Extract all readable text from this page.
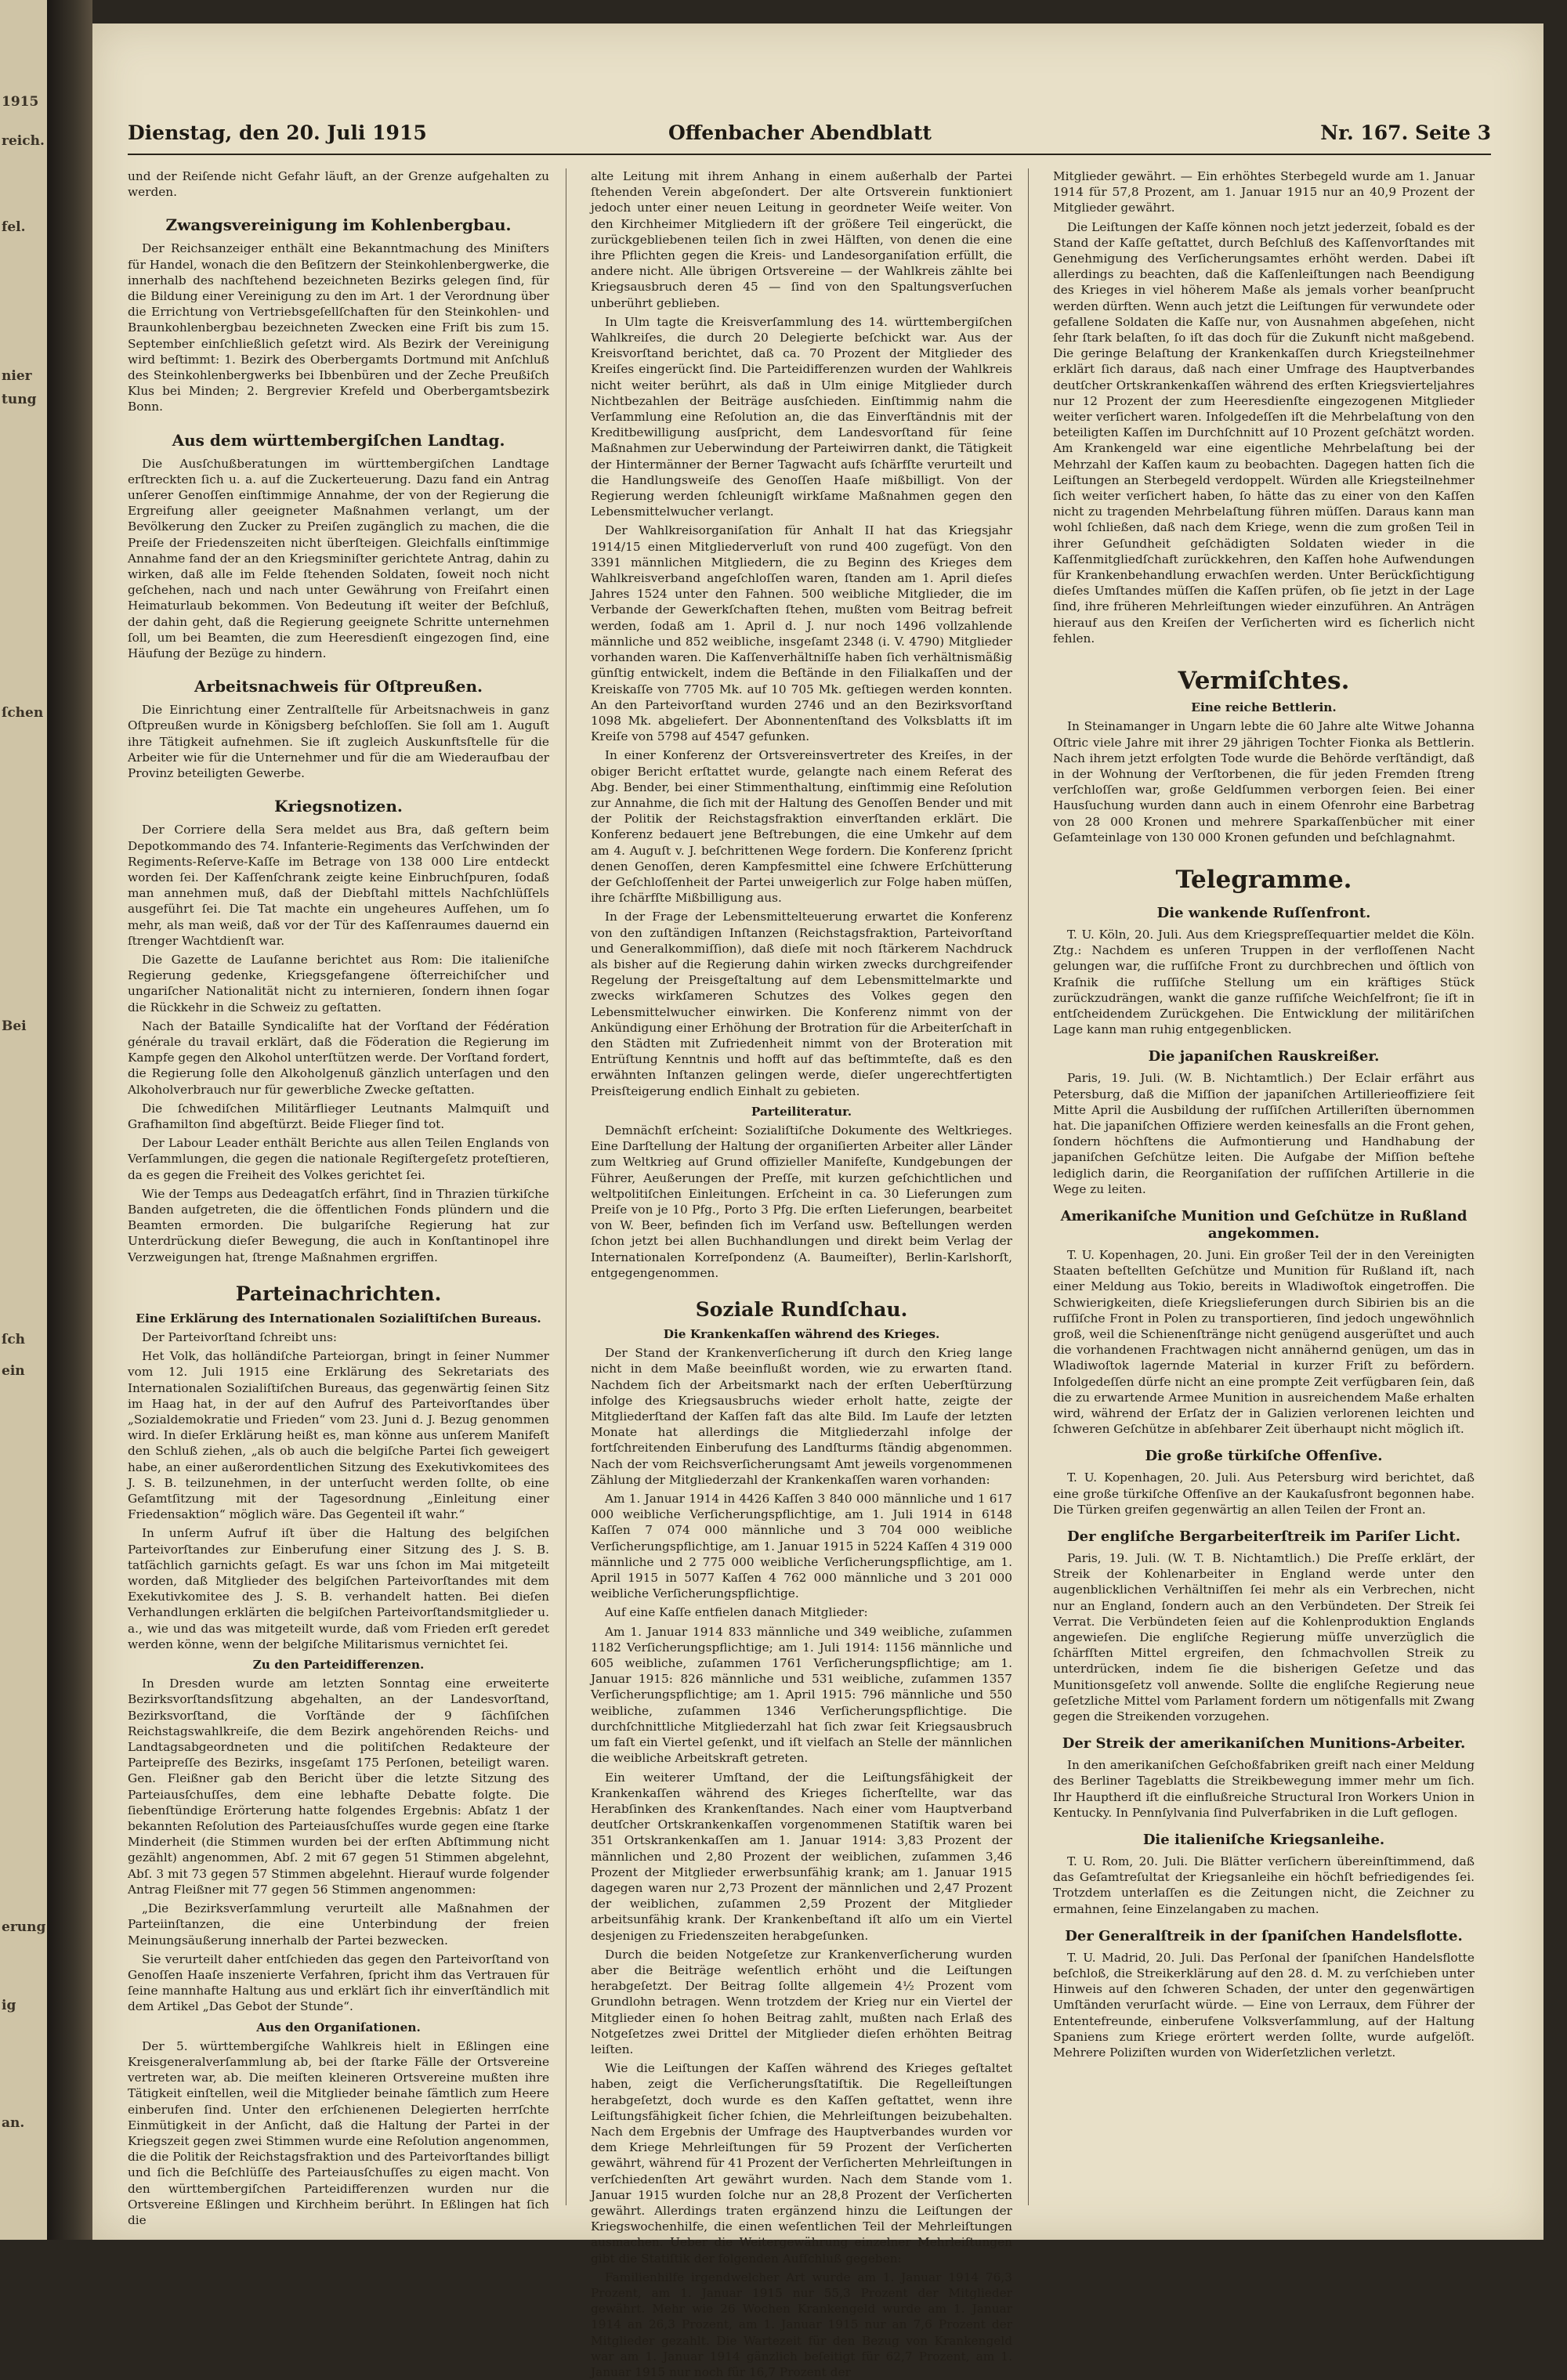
1915
reich.
fel.
nier
tung
ſchen
Bei
ſch
ein
erung
ig
an.
Dienstag, den 20. Juli 1915	Offenbacher Abendblatt	Nr. 167. Seite 3

und der Reiſende nicht Gefahr läuft, an der Grenze aufgehalten zu werden.

Zwangsvereinigung im Kohlenbergbau.

Der Reichsanzeiger enthält eine Bekanntmachung des Miniſters für Handel, wonach die den Beſitzern der Steinkohlenbergwerke, die innerhalb des nachſtehend bezeichneten Bezirks gelegen ſind, für die Bildung einer Vereinigung zu den im Art. 1 der Verordnung über die Errichtung von Vertriebsgeſellſchaften für den Steinkohlen- und Braunkohlenbergbau bezeichneten Zwecken eine Friſt bis zum 15. September einſchließlich geſetzt wird. Als Bezirk der Vereinigung wird beſtimmt: 1. Bezirk des Oberbergamts Dortmund mit Anſchluß des Steinkohlenbergwerks bei Ibbenbüren und der Zeche Preußiſch Klus bei Minden; 2. Bergrevier Krefeld und Oberbergamtsbezirk Bonn.

Aus dem württembergiſchen Landtag.

Die Ausſchußberatungen im württembergiſchen Landtage erſtreckten ſich u. a. auf die Zuckerteuerung. Dazu fand ein Antrag unſerer Genoſſen einſtimmige Annahme, der von der Regierung die Ergreifung aller geeigneter Maßnahmen verlangt, um der Bevölkerung den Zucker zu Preiſen zugänglich zu machen, die die Preiſe der Friedenszeiten nicht überſteigen. Gleichfalls einſtimmige Annahme fand der an den Kriegsminiſter gerichtete Antrag, dahin zu wirken, daß alle im Felde ſtehenden Soldaten, ſoweit noch nicht geſchehen, nach und nach unter Gewährung von Freiſahrt einen Heimaturlaub bekommen. Von Bedeutung iſt weiter der Beſchluß, der dahin geht, daß die Regierung geeignete Schritte unternehmen ſoll, um bei Beamten, die zum Heeresdienſt eingezogen ſind, eine Häufung der Bezüge zu hindern.

Arbeitsnachweis für Oſtpreußen.

Die Einrichtung einer Zentralſtelle für Arbeitsnachweis in ganz Oſtpreußen wurde in Königsberg beſchloſſen. Sie ſoll am 1. Auguſt ihre Tätigkeit aufnehmen. Sie iſt zugleich Auskunftsſtelle für die Arbeiter wie für die Unternehmer und für die am Wiederaufbau der Provinz beteiligten Gewerbe.

Kriegsnotizen.

Der Corriere della Sera meldet aus Bra, daß geſtern beim Depotkommando des 74. Infanterie-Regiments das Verſchwinden der Regiments-Reſerve-Kaſſe im Betrage von 138 000 Lire entdeckt worden ſei. Der Kaſſenſchrank zeigte keine Einbruchſpuren, ſodaß man annehmen muß, daß der Diebſtahl mittels Nachſchlüſſels ausgeführt ſei. Die Tat machte ein ungeheures Aufſehen, um ſo mehr, als man weiß, daß vor der Tür des Kaſſenraumes dauernd ein ſtrenger Wachtdienſt war.

Die Gazette de Lauſanne berichtet aus Rom: Die italieniſche Regierung gedenke, Kriegsgefangene öſterreichiſcher und ungariſcher Nationalität nicht zu internieren, ſondern ihnen ſogar die Rückkehr in die Schweiz zu geſtatten.

Nach der Bataille Syndicaliſte hat der Vorſtand der Fédération générale du travail erklärt, daß die Föderation die Regierung im Kampfe gegen den Alkohol unterſtützen werde. Der Vorſtand fordert, die Regierung ſolle den Alkoholgenuß gänzlich unterſagen und den Alkoholverbrauch nur für gewerbliche Zwecke geſtatten.

Die ſchwediſchen Militärflieger Leutnants Malmquiſt und Grafhamilton ſind abgeſtürzt. Beide Flieger ſind tot.

Der Labour Leader enthält Berichte aus allen Teilen Englands von Verſammlungen, die gegen die nationale Regiſtergeſetz proteſtieren, da es gegen die Freiheit des Volkes gerichtet ſei.

Wie der Temps aus Dedeagatſch erfährt, ſind in Thrazien türkiſche Banden aufgetreten, die die öffentlichen Fonds plündern und die Beamten ermorden. Die bulgariſche Regierung hat zur Unterdrückung dieſer Bewegung, die auch in Konſtantinopel ihre Verzweigungen hat, ſtrenge Maßnahmen ergriffen.

Parteinachrichten.
Eine Erklärung des Internationalen Sozialiſtiſchen Bureaus.

Der Parteivorſtand ſchreibt uns:

Het Volk, das holländiſche Parteiorgan, bringt in ſeiner Nummer vom 12. Juli 1915 eine Erklärung des Sekretariats des Internationalen Sozialiſtiſchen Bureaus, das gegenwärtig ſeinen Sitz im Haag hat, in der auf den Aufruf des Parteivorſtandes über „Sozialdemokratie und Frieden“ vom 23. Juni d. J. Bezug genommen wird. In dieſer Erklärung heißt es, man könne aus unſerem Manifeſt den Schluß ziehen, „als ob auch die belgiſche Partei ſich geweigert habe, an einer außerordentlichen Sitzung des Exekutivkomitees des J. S. B. teilzunehmen, in der unterſucht werden ſollte, ob eine Geſamtſitzung mit der Tagesordnung „Einleitung einer Friedensaktion“ möglich wäre. Das Gegenteil iſt wahr.“

In unſerm Aufruf iſt über die Haltung des belgiſchen Parteivorſtandes zur Einberufung einer Sitzung des J. S. B. tatſächlich garnichts geſagt. Es war uns ſchon im Mai mitgeteilt worden, daß Mitglieder des belgiſchen Parteivorſtandes mit dem Exekutivkomitee des J. S. B. verhandelt hatten. Bei dieſen Verhandlungen erklärten die belgiſchen Parteivorſtandsmitglieder u. a., wie und das was mitgeteilt wurde, daß vom Frieden erſt geredet werden könne, wenn der belgiſche Militarismus vernichtet ſei.

Zu den Parteidifferenzen.

In Dresden wurde am letzten Sonntag eine erweiterte Bezirksvorſtandsſitzung abgehalten, an der Landesvorſtand, Bezirksvorſtand, die Vorſtände der 9 ſächſiſchen Reichstagswahlkreiſe, die dem Bezirk angehörenden Reichs- und Landtagsabgeordneten und die politiſchen Redakteure der Parteipreſſe des Bezirks, insgeſamt 175 Perſonen, beteiligt waren. Gen. Fleißner gab den Bericht über die letzte Sitzung des Parteiausſchuſſes, dem eine lebhafte Debatte folgte. Die ſiebenſtündige Erörterung hatte folgendes Ergebnis: Abſatz 1 der bekannten Reſolution des Parteiausſchuſſes wurde gegen eine ſtarke Minderheit (die Stimmen wurden bei der erſten Abſtimmung nicht gezählt) angenommen, Abſ. 2 mit 67 gegen 51 Stimmen abgelehnt, Abſ. 3 mit 73 gegen 57 Stimmen abgelehnt. Hierauf wurde folgender Antrag Fleißner mit 77 gegen 56 Stimmen angenommen:

„Die Bezirksverſammlung verurteilt alle Maßnahmen der Parteiinſtanzen, die eine Unterbindung der freien Meinungsäußerung innerhalb der Partei bezwecken.

Sie verurteilt daher entſchieden das gegen den Parteivorſtand von Genoſſen Haaſe inszenierte Verfahren, ſpricht ihm das Vertrauen für ſeine mannhafte Haltung aus und erklärt ſich ihr einverſtändlich mit dem Artikel „Das Gebot der Stunde“.

Aus den Organiſationen.

Der 5. württembergiſche Wahlkreis hielt in Eßlingen eine Kreisgeneralverſammlung ab, bei der ſtarke Fälle der Ortsvereine vertreten war, ab. Die meiſten kleineren Ortsvereine mußten ihre Tätigkeit einſtellen, weil die Mitglieder beinahe ſämtlich zum Heere einberufen ſind. Unter den erſchienenen Delegierten herrſchte Einmütigkeit in der Anſicht, daß die Haltung der Partei in der Kriegszeit gegen zwei Stimmen wurde eine Reſolution angenommen, die die Politik der Reichstagsfraktion und des Parteivorſtandes billigt und ſich die Beſchlüſſe des Parteiausſchuſſes zu eigen macht. Von den württembergiſchen Parteidifferenzen wurden nur die Ortsvereine Eßlingen und Kirchheim berührt. In Eßlingen hat ſich die

alte Leitung mit ihrem Anhang in einem außerhalb der Partei ſtehenden Verein abgeſondert. Der alte Ortsverein funktioniert jedoch unter einer neuen Leitung in geordneter Weiſe weiter. Von den Kirchheimer Mitgliedern iſt der größere Teil eingerückt, die zurückgebliebenen teilen ſich in zwei Hälften, von denen die eine ihre Pflichten gegen die Kreis- und Landesorganiſation erfüllt, die andere nicht. Alle übrigen Ortsvereine — der Wahlkreis zählte bei Kriegsausbruch deren 45 — ſind von den Spaltungsverſuchen unberührt geblieben.

In Ulm tagte die Kreisverſammlung des 14. württembergiſchen Wahlkreiſes, die durch 20 Delegierte beſchickt war. Aus der Kreisvorſtand berichtet, daß ca. 70 Prozent der Mitglieder des Kreiſes eingerückt ſind. Die Parteidifferenzen wurden der Wahlkreis nicht weiter berührt, als daß in Ulm einige Mitglieder durch Nichtbezahlen der Beiträge ausſchieden. Einſtimmig nahm die Verſammlung eine Reſolution an, die das Einverſtändnis mit der Kreditbewilligung ausſpricht, dem Landesvorſtand für ſeine Maßnahmen zur Ueberwindung der Parteiwirren dankt, die Tätigkeit der Hintermänner der Berner Tagwacht aufs ſchärfſte verurteilt und die Handlungsweiſe des Genoſſen Haaſe mißbilligt. Von der Regierung werden ſchleunigſt wirkſame Maßnahmen gegen den Lebensmittelwucher verlangt.

Der Wahlkreisorganiſation für Anhalt II hat das Kriegsjahr 1914/15 einen Mitgliederverluſt von rund 400 zugefügt. Von den 3391 männlichen Mitgliedern, die zu Beginn des Krieges dem Wahlkreisverband angeſchloſſen waren, ſtanden am 1. April dieſes Jahres 1524 unter den Fahnen. 500 weibliche Mitglieder, die im Verbande der Gewerkſchaften ſtehen, mußten vom Beitrag befreit werden, ſodaß am 1. April d. J. nur noch 1496 vollzahlende männliche und 852 weibliche, insgeſamt 2348 (i. V. 4790) Mitglieder vorhanden waren. Die Kaſſenverhältniſſe haben ſich verhältnismäßig günſtig entwickelt, indem die Beſtände in den Filialkaſſen und der Kreiskaſſe von 7705 Mk. auf 10 705 Mk. geſtiegen werden konnten. An den Parteivorſtand wurden 2746 und an den Bezirksvorſtand 1098 Mk. abgeliefert. Der Abonnentenſtand des Volksblatts iſt im Kreiſe von 5798 auf 4547 gefunken.

In einer Konferenz der Ortsvereinsvertreter des Kreiſes, in der obiger Bericht erſtattet wurde, gelangte nach einem Referat des Abg. Bender, bei einer Stimmenthaltung, einſtimmig eine Reſolution zur Annahme, die ſich mit der Haltung des Genoſſen Bender und mit der Politik der Reichstagsfraktion einverſtanden erklärt. Die Konferenz bedauert jene Beſtrebungen, die eine Umkehr auf dem am 4. Auguſt v. J. beſchrittenen Wege fordern. Die Konferenz ſpricht denen Genoſſen, deren Kampfesmittel eine ſchwere Erſchütterung der Geſchloſſenheit der Partei unweigerlich zur Folge haben müſſen, ihre ſchärfſte Mißbilligung aus.

In der Frage der Lebensmittelteuerung erwartet die Konferenz von den zuſtändigen Inſtanzen (Reichstagsfraktion, Parteivorſtand und Generalkommiſſion), daß dieſe mit noch ſtärkerem Nachdruck als bisher auf die Regierung dahin wirken zwecks durchgreifender Regelung der Preisgeſtaltung auf dem Lebensmittelmarkte und zwecks wirkſameren Schutzes des Volkes gegen den Lebensmittelwucher einwirken. Die Konferenz nimmt von der Ankündigung einer Erhöhung der Brotration für die Arbeiterſchaft in den Städten mit Zufriedenheit nimmt von der Broteration mit Entrüſtung Kenntnis und hofft auf das beſtimmteſte, daß es den erwähnten Inſtanzen gelingen werde, dieſer ungerechtfertigten Preisſteigerung endlich Einhalt zu gebieten.

Parteiliteratur.

Demnächſt erſcheint: Sozialiſtiſche Dokumente des Weltkrieges. Eine Darſtellung der Haltung der organiſierten Arbeiter aller Länder zum Weltkrieg auf Grund offizieller Manifeſte, Kundgebungen der Führer, Aeußerungen der Preſſe, mit kurzen geſchichtlichen und weltpolitiſchen Einleitungen. Erſcheint in ca. 30 Lieferungen zum Preiſe von je 10 Pfg., Porto 3 Pfg. Die erſten Lieferungen, bearbeitet von W. Beer, befinden ſich im Verſand usw. Beſtellungen werden ſchon jetzt bei allen Buchhandlungen und direkt beim Verlag der Internationalen Korreſpondenz (A. Baumeiſter), Berlin-Karlshorſt, entgegengenommen.

Soziale Rundſchau.
Die Krankenkaſſen während des Krieges.

Der Stand der Krankenverſicherung iſt durch den Krieg lange nicht in dem Maße beeinflußt worden, wie zu erwarten ſtand. Nachdem ſich der Arbeitsmarkt nach der erſten Ueberſtürzung infolge des Kriegsausbruchs wieder erholt hatte, zeigte der Mitgliederſtand der Kaſſen faſt das alte Bild. Im Laufe der letzten Monate hat allerdings die Mitgliederzahl infolge der fortſchreitenden Einberufung des Landſturms ſtändig abgenommen. Nach der vom Reichsverſicherungsamt Amt jeweils vorgenommenen Zählung der Mitgliederzahl der Krankenkaſſen waren vorhanden:

Am 1. Januar 1914 in 4426 Kaſſen 3 840 000 männliche und 1 617 000 weibliche Verſicherungspflichtige, am 1. Juli 1914 in 6148 Kaſſen 7 074 000 männliche und 3 704 000 weibliche Verſicherungspflichtige, am 1. Januar 1915 in 5224 Kaſſen 4 319 000 männliche und 2 775 000 weibliche Verſicherungspflichtige, am 1. April 1915 in 5077 Kaſſen 4 762 000 männliche und 3 201 000 weibliche Verſicherungspflichtige.

Auf eine Kaſſe entfielen danach Mitglieder:

Am 1. Januar 1914 833 männliche und 349 weibliche, zuſammen 1182 Verſicherungspflichtige; am 1. Juli 1914: 1156 männliche und 605 weibliche, zuſammen 1761 Verſicherungspflichtige; am 1. Januar 1915: 826 männliche und 531 weibliche, zuſammen 1357 Verſicherungspflichtige; am 1. April 1915: 796 männliche und 550 weibliche, zuſammen 1346 Verſicherungspflichtige. Die durchſchnittliche Mitgliederzahl hat ſich zwar ſeit Kriegsausbruch um faſt ein Viertel geſenkt, und iſt vielfach an Stelle der männlichen die weibliche Arbeitskraft getreten.

Ein weiterer Umſtand, der die Leiſtungsfähigkeit der Krankenkaſſen während des Krieges ſicherſtellte, war das Herabſinken des Krankenſtandes. Nach einer vom Hauptverband deutſcher Ortskrankenkaſſen vorgenommenen Statiſtik waren bei 351 Ortskrankenkaſſen am 1. Januar 1914: 3,83 Prozent der männlichen und 2,80 Prozent der weiblichen, zuſammen 3,46 Prozent der Mitglieder erwerbsunfähig krank; am 1. Januar 1915 dagegen waren nur 2,73 Prozent der männlichen und 2,47 Prozent der weiblichen, zuſammen 2,59 Prozent der Mitglieder arbeitsunfähig krank. Der Krankenbeſtand iſt alſo um ein Viertel desjenigen zu Friedenszeiten herabgeſunken.

Durch die beiden Notgeſetze zur Krankenverſicherung wurden aber die Beiträge weſentlich erhöht und die Leiſtungen herabgeſetzt. Der Beitrag ſollte allgemein 4½ Prozent vom Grundlohn betragen. Wenn trotzdem der Krieg nur ein Viertel der Mitglieder einen ſo hohen Beitrag zahlt, mußten nach Erlaß des Notgeſetzes zwei Drittel der Mitglieder dieſen erhöhten Beitrag leiſten.

Wie die Leiſtungen der Kaſſen während des Krieges geſtaltet haben, zeigt die Verſicherungsſtatiſtik. Die Regelleiſtungen herabgeſetzt, doch wurde es den Kaſſen geſtattet, wenn ihre Leiſtungsfähigkeit ſicher ſchien, die Mehrleiſtungen beizubehalten. Nach dem Ergebnis der Umfrage des Hauptverbandes wurden vor dem Kriege Mehrleiſtungen für 59 Prozent der Verſicherten gewährt, während für 41 Prozent der Verſicherten Mehrleiſtungen in verſchiedenſten Art gewährt wurden. Nach dem Stande vom 1. Januar 1915 wurden ſolche nur an 28,8 Prozent der Verſicherten gewährt. Allerdings traten ergänzend hinzu die Leiſtungen der Kriegswochenhilfe, die einen weſentlichen Teil der Mehrleiſtungen ausmachen. Ueber die Weitergewährung einzelner Mehrleiſtungen gibt die Statiſtik der folgenden Aufſchluß gegeben:

Familienhilfe irgendwelcher Art wurde am 1. Januar 1914 76,3 Prozent, am 1. Januar 1915 nur 55,3 Prozent der Mitglieder gewährt. Mehr wie 26 Wochen Krankengeld wurde am 1. Januar 1914 an 26,3 Prozent, am 1. Januar 1915 nur an 7,6 Prozent der Mitglieder gezahlt. Die Wartezeit für den Bezug von Krankengeld war am 1. Januar 1914 gänzlich beſeitigt für 62,7 Prozent, am 1. Januar 1915 nur noch für 16,7 Prozent der

Mitglieder gewährt. — Ein erhöhtes Sterbegeld wurde am 1. Januar 1914 für 57,8 Prozent, am 1. Januar 1915 nur an 40,9 Prozent der Mitglieder gewährt.

Die Leiſtungen der Kaſſe können noch jetzt jederzeit, ſobald es der Stand der Kaſſe geſtattet, durch Beſchluß des Kaſſenvorſtandes mit Genehmigung des Verſicherungsamtes erhöht werden. Dabei iſt allerdings zu beachten, daß die Kaſſenleiſtungen nach Beendigung des Krieges in viel höherem Maße als jemals vorher beanſprucht werden dürften. Wenn auch jetzt die Leiſtungen für verwundete oder gefallene Soldaten die Kaſſe nur, von Ausnahmen abgeſehen, nicht ſehr ſtark belaſten, ſo iſt das doch für die Zukunft nicht maßgebend. Die geringe Belaſtung der Krankenkaſſen durch Kriegsteilnehmer erklärt ſich daraus, daß nach einer Umfrage des Hauptverbandes deutſcher Ortskrankenkaſſen während des erſten Kriegsvierteljahres nur 12 Prozent der zum Heeresdienſte eingezogenen Mitglieder weiter verſichert waren. Infolgedeſſen iſt die Mehrbelaſtung von den beteiligten Kaſſen im Durchſchnitt auf 10 Prozent geſchätzt worden. Am Krankengeld war eine eigentliche Mehrbelaſtung bei der Mehrzahl der Kaſſen kaum zu beobachten. Dagegen hatten ſich die Leiſtungen an Sterbegeld verdoppelt. Würden alle Kriegsteilnehmer ſich weiter verſichert haben, ſo hätte das zu einer von den Kaſſen nicht zu tragenden Mehrbelaſtung führen müſſen. Daraus kann man wohl ſchließen, daß nach dem Kriege, wenn die zum großen Teil in ihrer Geſundheit geſchädigten Soldaten wieder in die Kaſſenmitgliedſchaft zurückkehren, den Kaſſen hohe Aufwendungen für Krankenbehandlung erwachſen werden. Unter Berückſichtigung dieſes Umſtandes müſſen die Kaſſen prüfen, ob ſie jetzt in der Lage ſind, ihre früheren Mehrleiſtungen wieder einzuführen. An Anträgen hierauf aus den Kreiſen der Verſicherten wird es ſicherlich nicht fehlen.

Vermiſchtes.
Eine reiche Bettlerin.

In Steinamanger in Ungarn lebte die 60 Jahre alte Witwe Johanna Oſtric viele Jahre mit ihrer 29 jährigen Tochter Fionka als Bettlerin. Nach ihrem jetzt erfolgten Tode wurde die Behörde verſtändigt, daß in der Wohnung der Verſtorbenen, die für jeden Fremden ſtreng verſchloſſen war, große Geldſummen verborgen ſeien. Bei einer Hausſuchung wurden dann auch in einem Ofenrohr eine Barbetrag von 28 000 Kronen und mehrere Sparkaſſenbücher mit einer Geſamteinlage von 130 000 Kronen gefunden und beſchlagnahmt.

Telegramme.
Die wankende Ruſſenfront.

T. U. Köln, 20. Juli. Aus dem Kriegspreſſequartier meldet die Köln. Ztg.: Nachdem es unſeren Truppen in der verfloſſenen Nacht gelungen war, die ruſſiſche Front zu durchbrechen und öſtlich von Kraſnik die ruſſiſche Stellung um ein kräftiges Stück zurückzudrängen, wankt die ganze ruſſiſche Weichſelfront; ſie iſt in entſcheidendem Zurückgehen. Die Entwicklung der militäriſchen Lage kann man ruhig entgegenblicken.

Die japaniſchen Rauskreißer.

Paris, 19. Juli. (W. B. Nichtamtlich.) Der Eclair erfährt aus Petersburg, daß die Miſſion der japaniſchen Artillerieoffiziere ſeit Mitte April die Ausbildung der ruſſiſchen Artilleriſten übernommen hat. Die japaniſchen Offiziere werden keinesfalls an die Front gehen, ſondern höchſtens die Aufmontierung und Handhabung der japaniſchen Geſchütze leiten. Die Aufgabe der Miſſion beſtehe lediglich darin, die Reorganiſation der ruſſiſchen Artillerie in die Wege zu leiten.

Amerikaniſche Munition und Geſchütze in Rußland angekommen.

T. U. Kopenhagen, 20. Juni. Ein großer Teil der in den Vereinigten Staaten beſtellten Geſchütze und Munition für Rußland iſt, nach einer Meldung aus Tokio, bereits in Wladiwoſtok eingetroffen. Die Schwierigkeiten, dieſe Kriegslieferungen durch Sibirien bis an die ruſſiſche Front in Polen zu transportieren, ſind jedoch ungewöhnlich groß, weil die Schienenſtränge nicht genügend ausgerüſtet und auch die vorhandenen Frachtwagen nicht annähernd genügen, um das in Wladiwoſtok lagernde Material in kurzer Friſt zu befördern. Infolgedeſſen dürfe nicht an eine prompte Zeit verfügbaren ſein, daß die zu erwartende Armee Munition in ausreichendem Maße erhalten wird, während der Erſatz der in Galizien verlorenen leichten und ſchweren Geſchütze in abſehbarer Zeit überhaupt nicht möglich iſt.

Die große türkiſche Offenſive.

T. U. Kopenhagen, 20. Juli. Aus Petersburg wird berichtet, daß eine große türkiſche Offenſive an der Kaukaſusfront begonnen habe. Die Türken greifen gegenwärtig an allen Teilen der Front an.

Der engliſche Bergarbeiterſtreik im Pariſer Licht.

Paris, 19. Juli. (W. T. B. Nichtamtlich.) Die Preſſe erklärt, der Streik der Kohlenarbeiter in England werde unter den augenblicklichen Verhältniſſen ſei mehr als ein Verbrechen, nicht nur an England, ſondern auch an den Verbündeten. Der Streik ſei Verrat. Die Verbündeten ſeien auf die Kohlenproduktion Englands angewieſen. Die engliſche Regierung müſſe unverzüglich die ſchärfſten Mittel ergreifen, den ſchmachvollen Streik zu unterdrücken, indem ſie die bisherigen Geſetze und das Munitionsgeſetz voll anwende. Sollte die engliſche Regierung neue geſetzliche Mittel vom Parlament fordern um nötigenfalls mit Zwang gegen die Streikenden vorzugehen.

Der Streik der amerikaniſchen Munitions-Arbeiter.

In den amerikaniſchen Geſchoßfabriken greift nach einer Meldung des Berliner Tageblatts die Streikbewegung immer mehr um ſich. Ihr Hauptherd iſt die einflußreiche Structural Iron Workers Union in Kentucky. In Pennſylvania ſind Pulverfabriken in die Luft geflogen.

Die italieniſche Kriegsanleihe.

T. U. Rom, 20. Juli. Die Blätter verſichern übereinſtimmend, daß das Geſamtreſultat der Kriegsanleihe ein höchſt befriedigendes ſei. Trotzdem unterlaſſen es die Zeitungen nicht, die Zeichner zu ermahnen, ſeine Einzelangaben zu machen.

Der Generalſtreik in der ſpaniſchen Handelsflotte.

T. U. Madrid, 20. Juli. Das Perſonal der ſpaniſchen Handelsflotte beſchloß, die Streikerklärung auf den 28. d. M. zu verſchieben unter Hinweis auf den ſchweren Schaden, der unter den gegenwärtigen Umſtänden verurſacht würde. — Eine von Lerraux, dem Führer der Ententefreunde, einberufene Volksverſammlung, auf der Haltung Spaniens zum Kriege erörtert werden ſollte, wurde aufgelöſt. Mehrere Poliziſten wurden von Widerſetzlichen verletzt.
